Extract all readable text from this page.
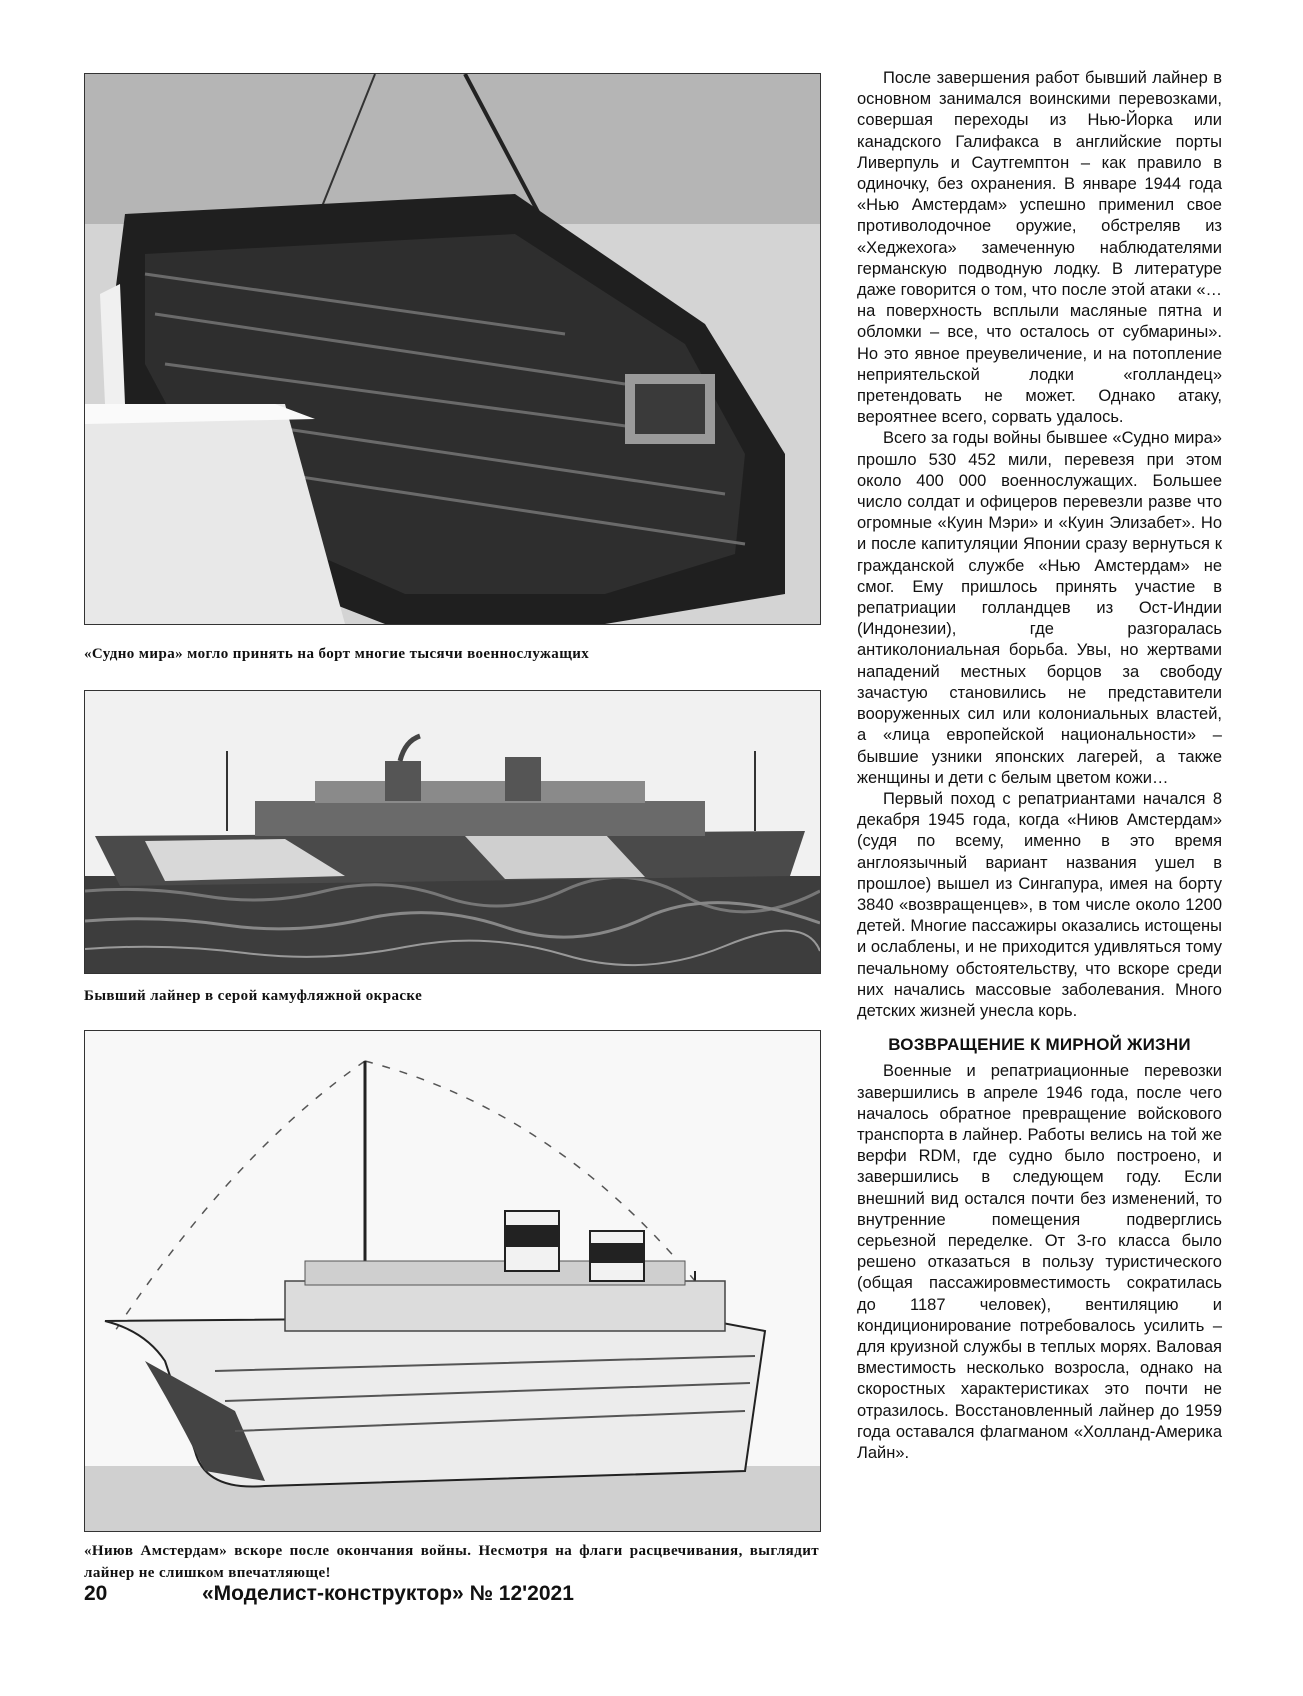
«Судно мира» могло принять на борт многие тысячи военнослужащих
Бывший лайнер в серой камуфляжной окраске
«Ниюв Амстердам» вскоре после окончания войны. Несмотря на флаги расцвечивания, выглядит лайнер не слишком впечатляюще!

После завершения работ бывший лайнер в основном занимался воинскими перевозками, совершая переходы из Нью-Йорка или канадского Галифакса в английские порты Ливерпуль и Саутгемптон – как правило в одиночку, без охранения. В январе 1944 года «Нью Амстердам» успешно применил свое противолодочное оружие, обстреляв из «Хеджехога» замеченную наблюдателями германскую подводную лодку. В литературе даже говорится о том, что после этой атаки «…на поверхность всплыли масляные пятна и обломки – все, что осталось от субмарины». Но это явное преувеличение, и на потопление неприятельской лодки «голландец» претендовать не может. Однако атаку, вероятнее всего, сорвать удалось.

Всего за годы войны бывшее «Судно мира» прошло 530 452 мили, перевезя при этом около 400 000 военнослужащих. Большее число солдат и офицеров перевезли разве что огромные «Куин Мэри» и «Куин Элизабет». Но и после капитуляции Японии сразу вернуться к гражданской службе «Нью Амстердам» не смог. Ему пришлось принять участие в репатриации голландцев из Ост-Индии (Индонезии), где разгоралась антиколониальная борьба. Увы, но жертвами нападений местных борцов за свободу зачастую становились не представители вооруженных сил или колониальных властей, а «лица европейской национальности» – бывшие узники японских лагерей, а также женщины и дети с белым цветом кожи…

Первый поход с репатриантами начался 8 декабря 1945 года, когда «Ниюв Амстердам» (судя по всему, именно в это время англоязычный вариант названия ушел в прошлое) вышел из Сингапура, имея на борту 3840 «возвращенцев», в том числе около 1200 детей. Многие пассажиры оказались истощены и ослаблены, и не приходится удивляться тому печальному обстоятельству, что вскоре среди них начались массовые заболевания. Много детских жизней унесла корь.

ВОЗВРАЩЕНИЕ К МИРНОЙ ЖИЗНИ

Военные и репатриационные перевозки завершились в апреле 1946 года, после чего началось обратное превращение войскового транспорта в лайнер. Работы велись на той же верфи RDM, где судно было построено, и завершились в следующем году. Если внешний вид остался почти без изменений, то внутренние помещения подверглись серьезной переделке. От 3-го класса было решено отказаться в пользу туристического (общая пассажировместимость сократилась до 1187 человек), вентиляцию и кондиционирование потребовалось усилить – для круизной службы в теплых морях. Валовая вместимость несколько возросла, однако на скоростных характеристиках это почти не отразилось. Восстановленный лайнер до 1959 года оставался флагманом «Холланд-Америка Лайн».

20	«Моделист-конструктор» № 12'2021
